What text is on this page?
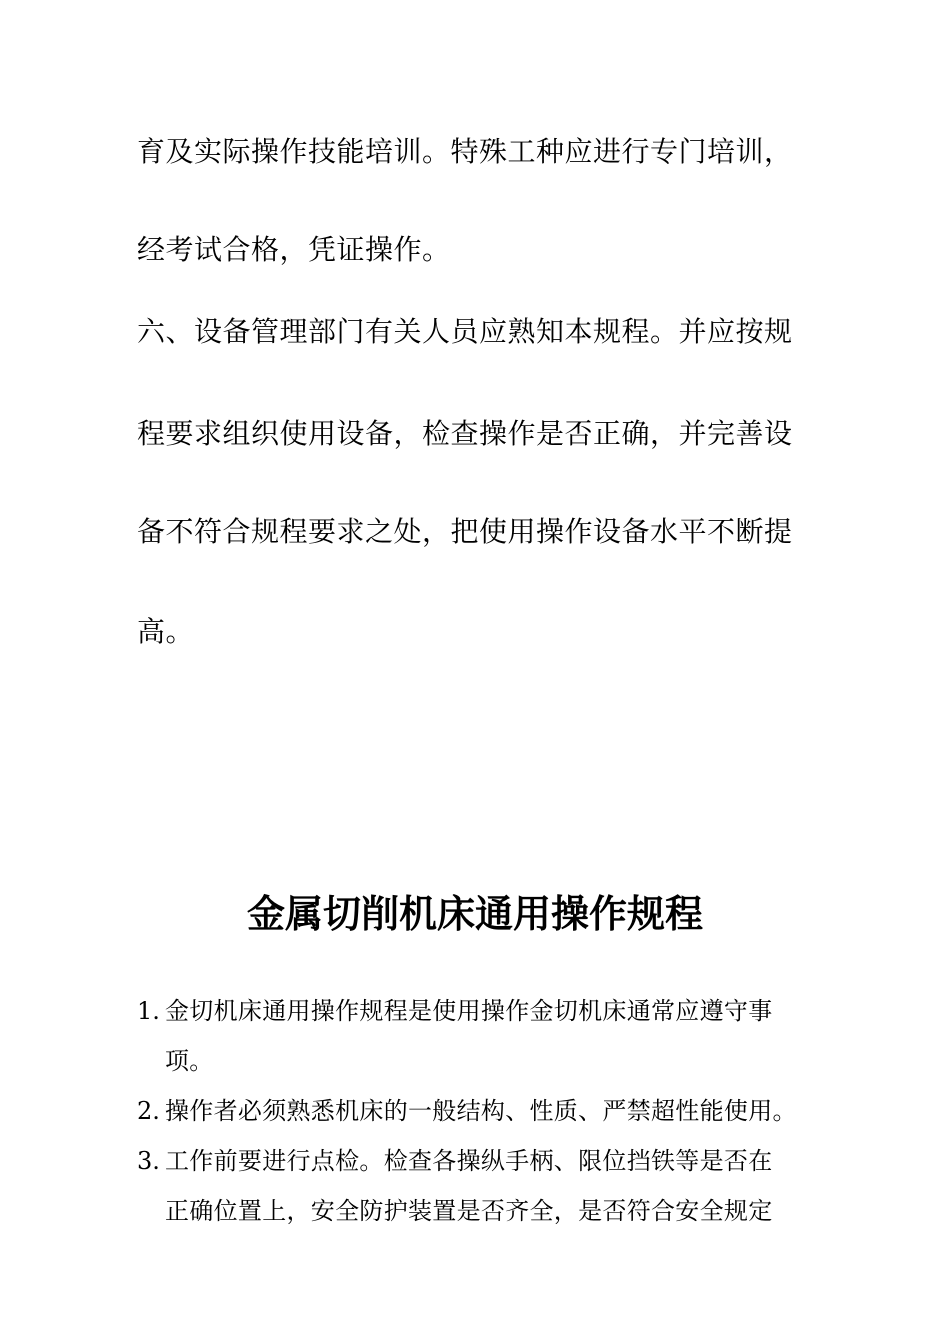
育及实际操作技能培训。特殊工种应进行专门培训，
经考试合格，凭证操作。
六、设备管理部门有关人员应熟知本规程。并应按规
程要求组织使用设备，检查操作是否正确，并完善设
备不符合规程要求之处，把使用操作设备水平不断提
高。
金属切削机床通用操作规程
1. 金切机床通用操作规程是使用操作金切机床通常应遵守事
项。
2. 操作者必须熟悉机床的一般结构、性质、严禁超性能使用。
3. 工作前要进行点检。检查各操纵手柄、限位挡铁等是否在
正确位置上，安全防护装置是否齐全，是否符合安全规定
